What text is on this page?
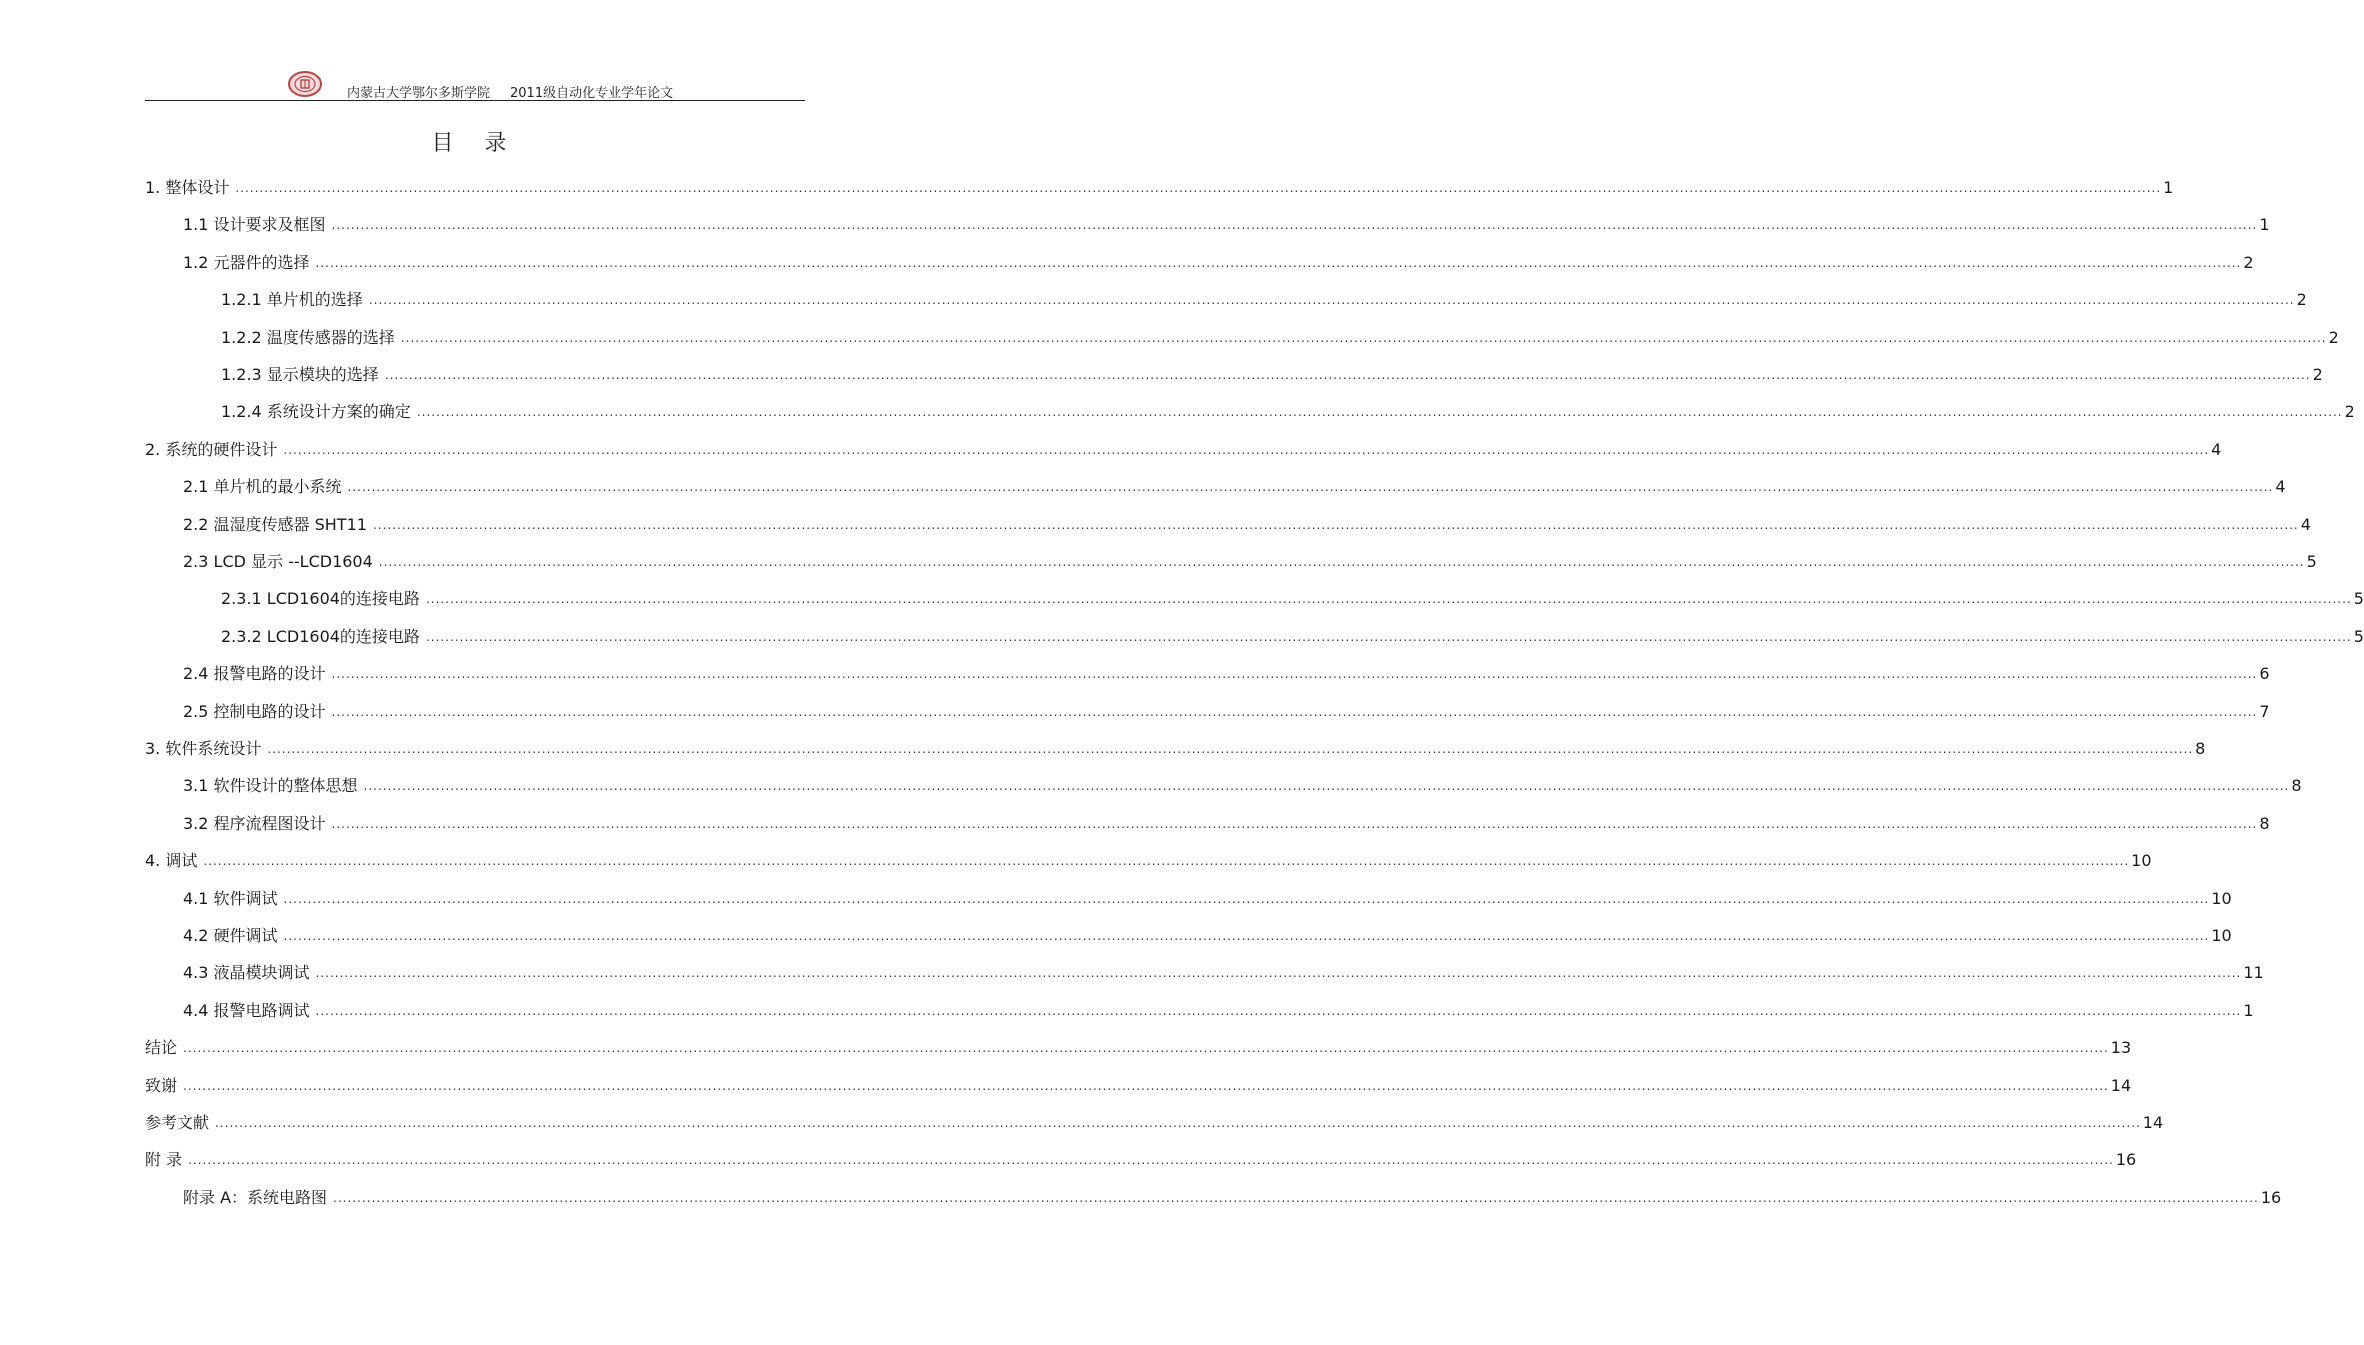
内蒙古大学鄂尔多斯学院 2011级自动化专业学年论文
目 录
1. 整体设计 ................................................................................................................................................................................................................................................................................................................................................................................................................ 1
1.1 设计要求及框图 ................................................................................................................................................................................................................................................................................................................................................................................................................ 1
1.2 元器件的选择 ................................................................................................................................................................................................................................................................................................................................................................................................................ 2
1.2.1 单片机的选择 ................................................................................................................................................................................................................................................................................................................................................................................................................ 2
1.2.2 温度传感器的选择 ................................................................................................................................................................................................................................................................................................................................................................................................................ 2
1.2.3 显示模块的选择 ................................................................................................................................................................................................................................................................................................................................................................................................................ 2
1.2.4 系统设计方案的确定 ................................................................................................................................................................................................................................................................................................................................................................................................................ 2
2. 系统的硬件设计 ................................................................................................................................................................................................................................................................................................................................................................................................................ 4
2.1 单片机的最小系统 ................................................................................................................................................................................................................................................................................................................................................................................................................ 4
2.2 温湿度传感器 SHT11 ................................................................................................................................................................................................................................................................................................................................................................................................................ 4
2.3 LCD 显示 --LCD1604 ................................................................................................................................................................................................................................................................................................................................................................................................................ 5
2.3.1 LCD1604的连接电路 ................................................................................................................................................................................................................................................................................................................................................................................................................ 5
2.3.2 LCD1604的连接电路 ................................................................................................................................................................................................................................................................................................................................................................................................................ 5
2.4 报警电路的设计 ................................................................................................................................................................................................................................................................................................................................................................................................................ 6
2.5 控制电路的设计 ................................................................................................................................................................................................................................................................................................................................................................................................................ 7
3. 软件系统设计 ................................................................................................................................................................................................................................................................................................................................................................................................................ 8
3.1 软件设计的整体思想 ................................................................................................................................................................................................................................................................................................................................................................................................................ 8
3.2 程序流程图设计 ................................................................................................................................................................................................................................................................................................................................................................................................................ 8
4. 调试 ................................................................................................................................................................................................................................................................................................................................................................................................................ 10
4.1 软件调试 ................................................................................................................................................................................................................................................................................................................................................................................................................ 10
4.2 硬件调试 ................................................................................................................................................................................................................................................................................................................................................................................................................ 10
4.3 液晶模块调试 ................................................................................................................................................................................................................................................................................................................................................................................................................ 11
4.4 报警电路调试 ................................................................................................................................................................................................................................................................................................................................................................................................................ 1
结论 ................................................................................................................................................................................................................................................................................................................................................................................................................ 13
致谢 ................................................................................................................................................................................................................................................................................................................................................................................................................ 14
参考文献 ................................................................................................................................................................................................................................................................................................................................................................................................................ 14
附 录 ................................................................................................................................................................................................................................................................................................................................................................................................................ 16
附录 A：系统电路图 ................................................................................................................................................................................................................................................................................................................................................................................................................ 16
